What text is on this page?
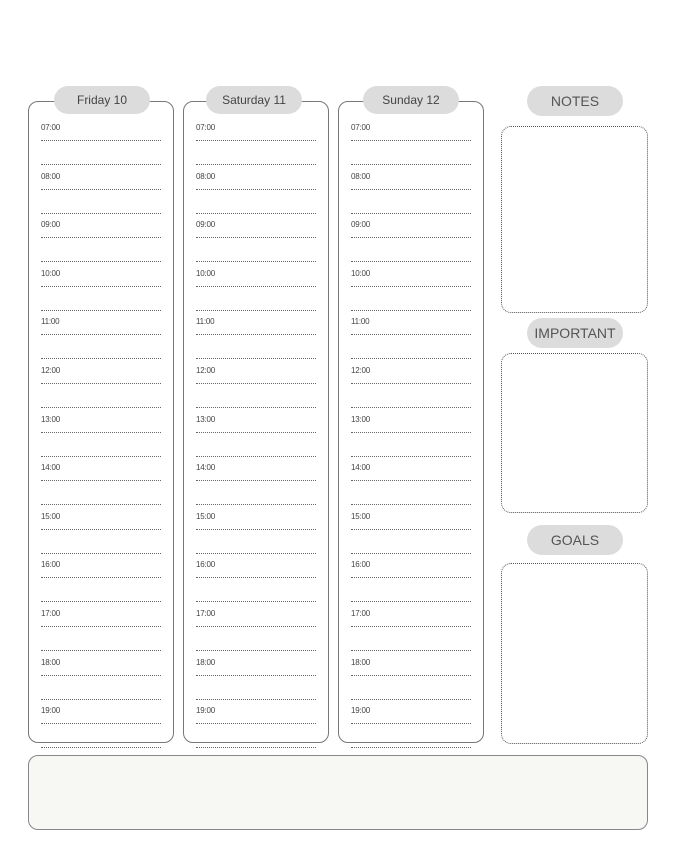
Friday 10
07:00
08:00
09:00
10:00
11:00
12:00
13:00
14:00
15:00
16:00
17:00
18:00
19:00
Saturday 11
07:00
08:00
09:00
10:00
11:00
12:00
13:00
14:00
15:00
16:00
17:00
18:00
19:00
Sunday 12
07:00
08:00
09:00
10:00
11:00
12:00
13:00
14:00
15:00
16:00
17:00
18:00
19:00
NOTES
IMPORTANT
GOALS
